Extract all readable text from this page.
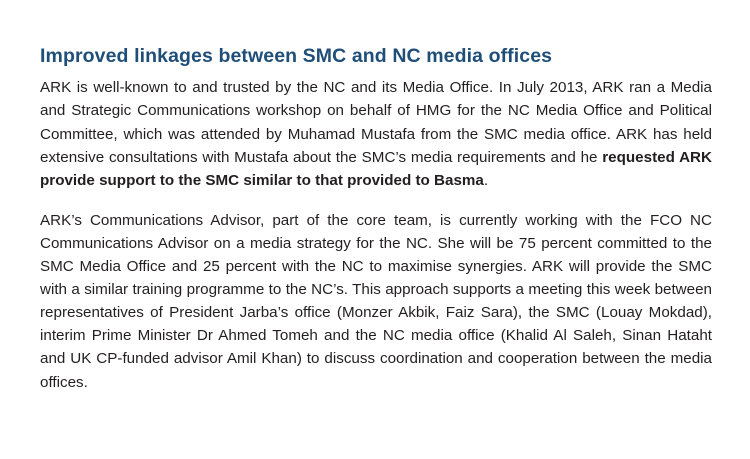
Improved linkages between SMC and NC media offices

ARK is well-known to and trusted by the NC and its Media Office. In July 2013, ARK ran a Media and Strategic Communications workshop on behalf of HMG for the NC Media Office and Political Committee, which was attended by Muhamad Mustafa from the SMC media office. ARK has held extensive consultations with Mustafa about the SMC’s media requirements and he requested ARK provide support to the SMC similar to that provided to Basma.

ARK’s Communications Advisor, part of the core team, is currently working with the FCO NC Communications Advisor on a media strategy for the NC. She will be 75 percent committed to the SMC Media Office and 25 percent with the NC to maximise synergies. ARK will provide the SMC with a similar training programme to the NC’s. This approach supports a meeting this week between representatives of President Jarba’s office (Monzer Akbik, Faiz Sara), the SMC (Louay Mokdad), interim Prime Minister Dr Ahmed Tomeh and the NC media office (Khalid Al Saleh, Sinan Hataht and UK CP-funded advisor Amil Khan) to discuss coordination and cooperation between the media offices.
